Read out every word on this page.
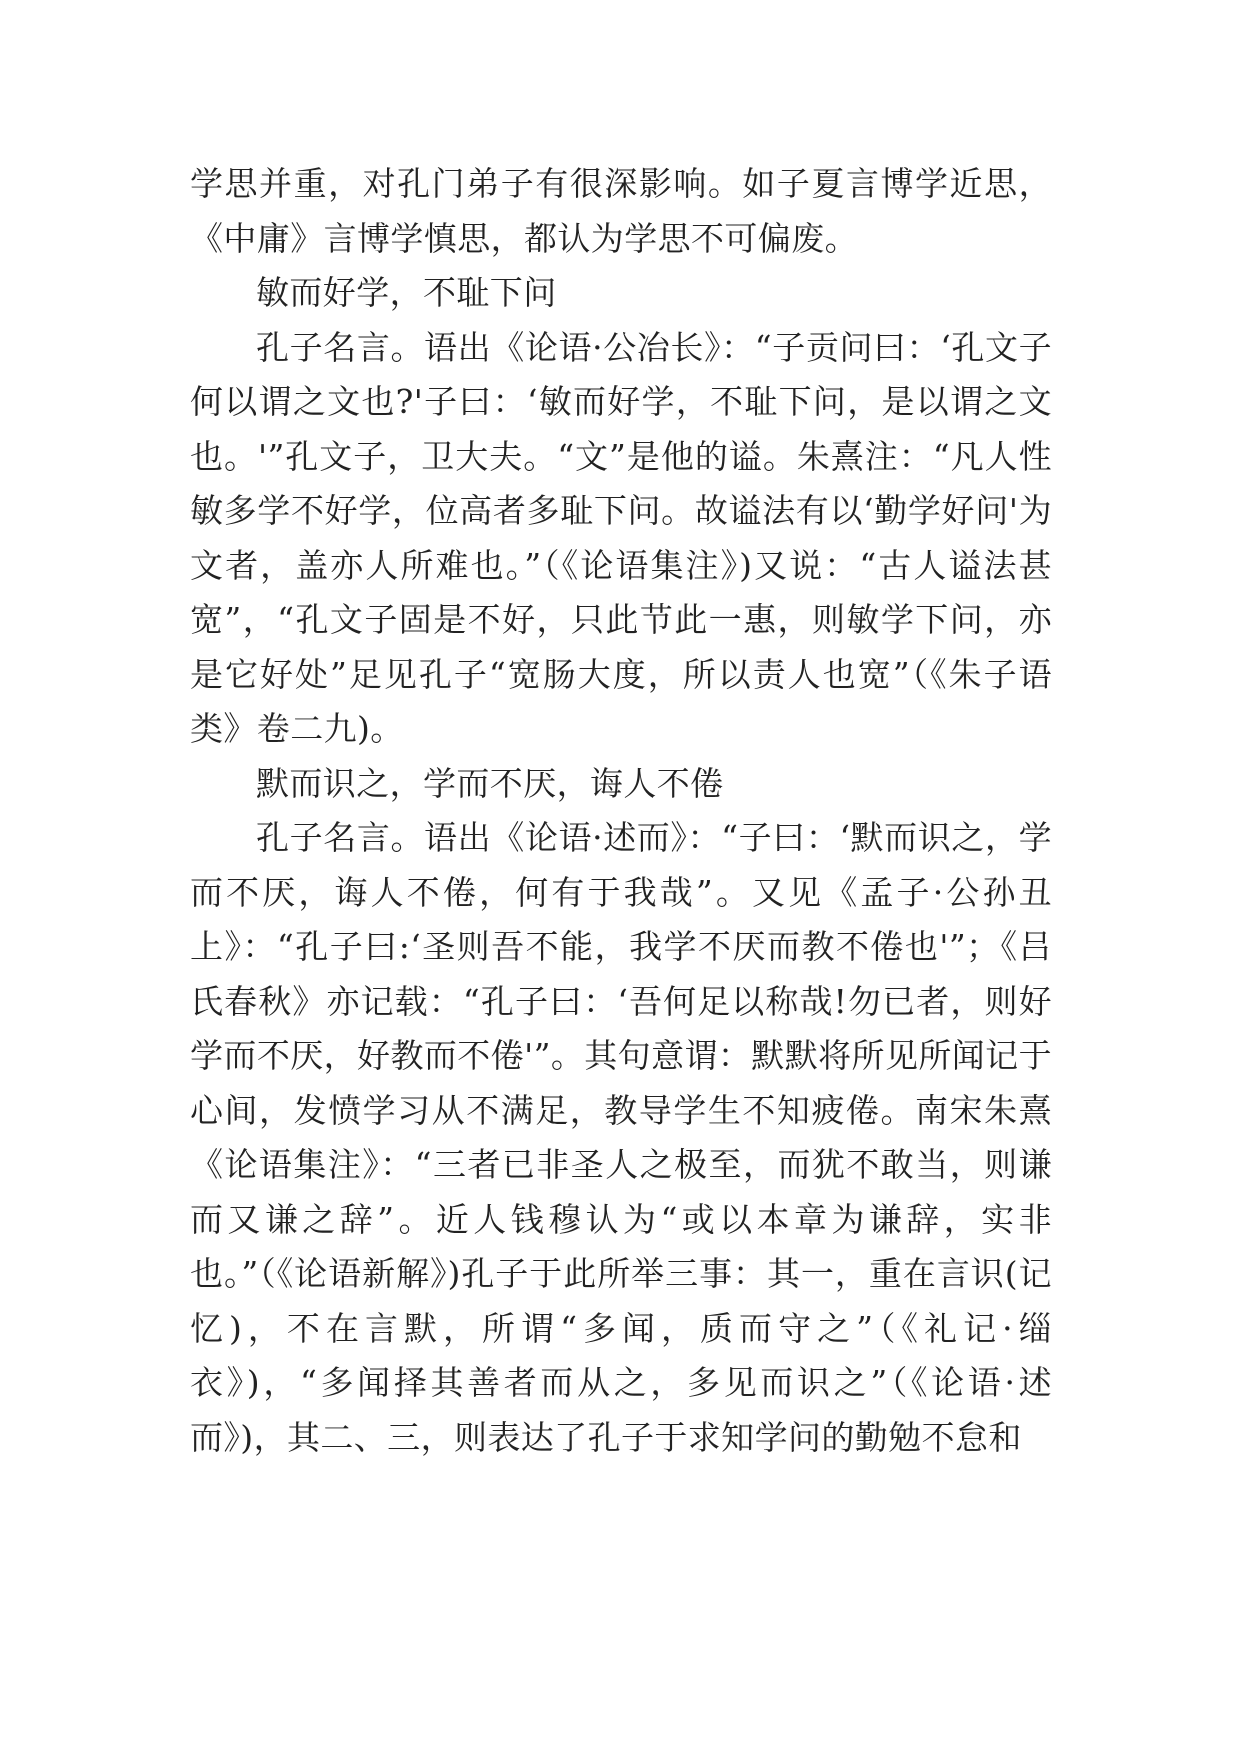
学思并重，对孔门弟子有很深影响。如子夏言博学近思，《中庸》言博学慎思，都认为学思不可偏废。

敏而好学，不耻下问

孔子名言。语出《论语·公冶长》：“子贡问曰：‘孔文子何以谓之文也?'子曰：‘敏而好学，不耻下问，是以谓之文也。'”孔文子，卫大夫。“文”是他的谥。朱熹注：“凡人性敏多学不好学，位高者多耻下问。故谥法有以‘勤学好问'为文者，盖亦人所难也。”（《论语集注》)又说：“古人谥法甚宽”，“孔文子固是不好，只此节此一惠，则敏学下问，亦是它好处”足见孔子“宽肠大度，所以责人也宽”（《朱子语类》卷二九)。

默而识之，学而不厌，诲人不倦

孔子名言。语出《论语·述而》：“子曰：‘默而识之，学而不厌，诲人不倦，何有于我哉”。又见《孟子·公孙丑上》：“孔子曰:‘圣则吾不能，我学不厌而教不倦也'”；《吕氏春秋》亦记载：“孔子曰：‘吾何足以称哉!勿已者，则好学而不厌，好教而不倦'”。其句意谓：默默将所见所闻记于心间，发愤学习从不满足，教导学生不知疲倦。南宋朱熹《论语集注》：“三者已非圣人之极至，而犹不敢当，则谦而又谦之辞”。近人钱穆认为“或以本章为谦辞，实非也。”（《论语新解》)孔子于此所举三事：其一，重在言识(记忆)，不在言默，所谓“多闻，质而守之”（《礼记·缁衣》)，“多闻择其善者而从之，多见而识之”（《论语·述而》)，其二、三，则表达了孔子于求知学问的勤勉不怠和
